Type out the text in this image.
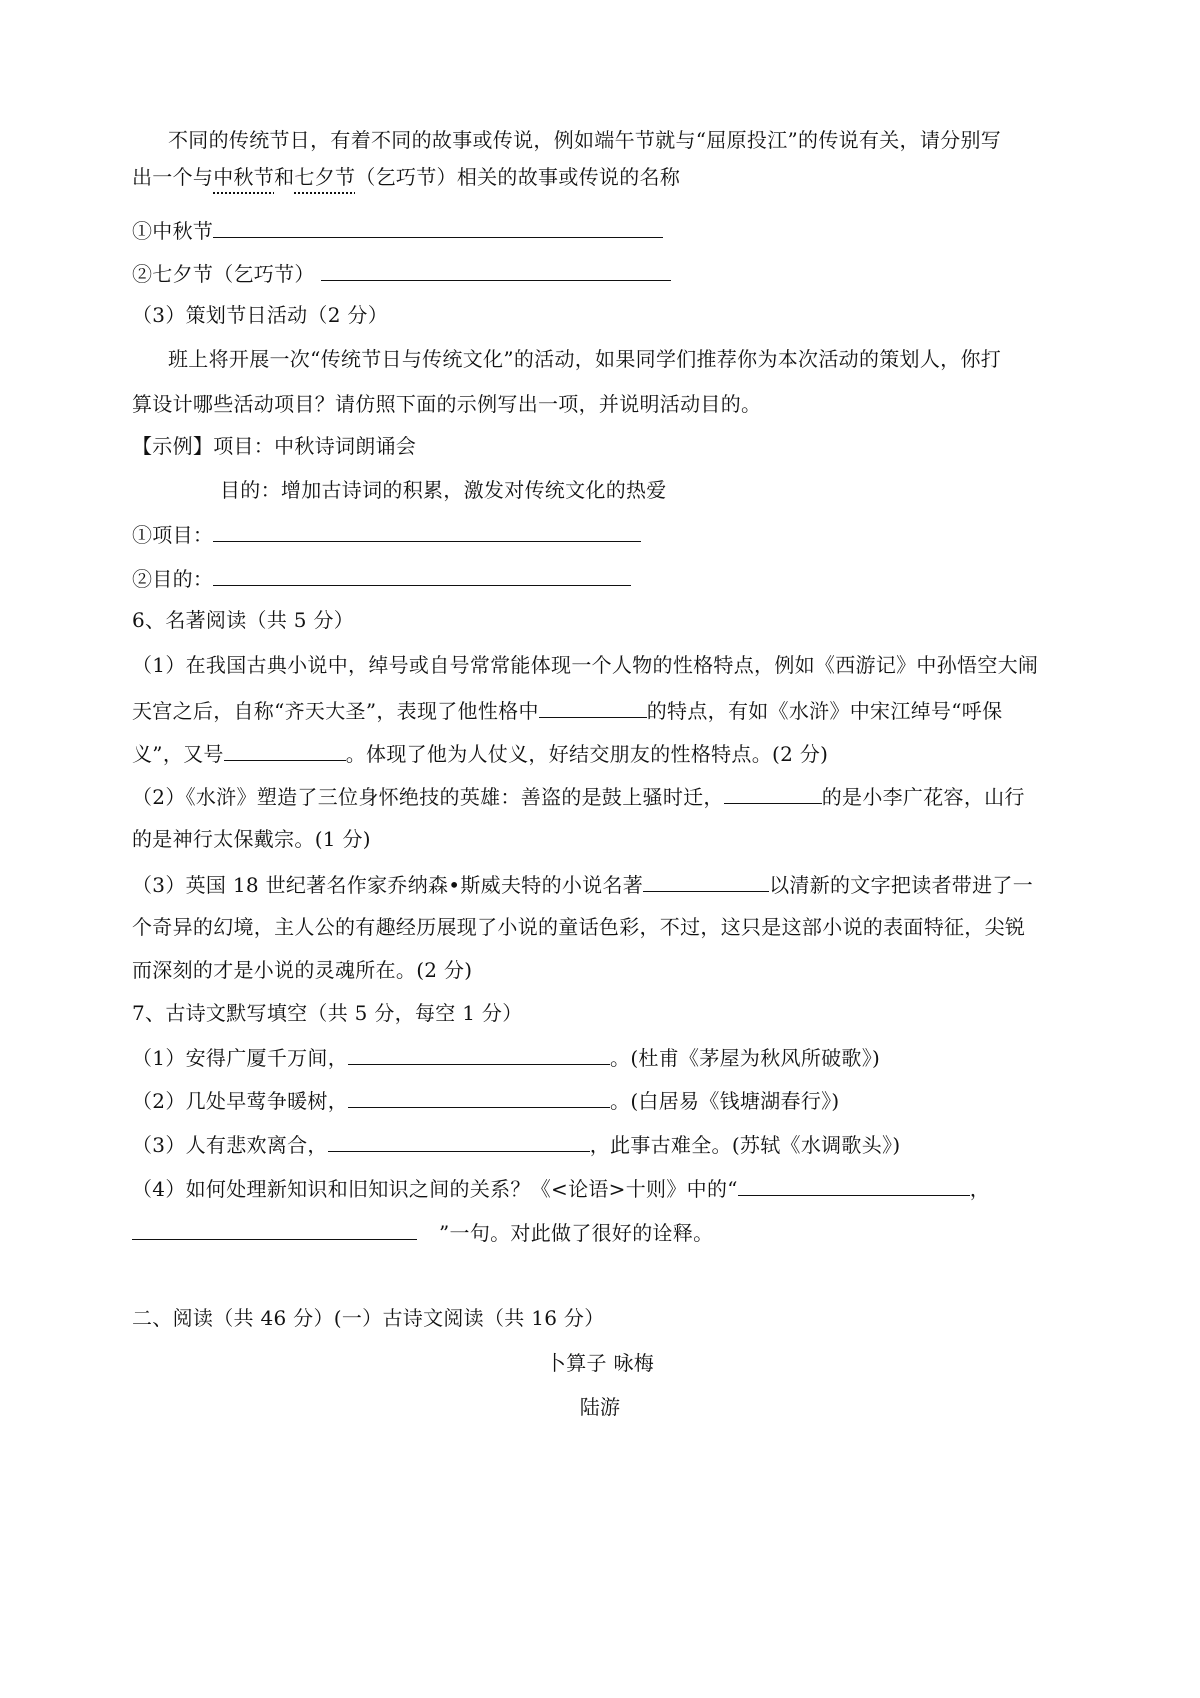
不同的传统节日，有着不同的故事或传说，例如端午节就与“屈原投江”的传说有关，请分别写
出一个与中秋节和七夕节（乞巧节）相关的故事或传说的名称
①中秋节
②七夕节（乞巧节）
（3）策划节日活动（2 分）
班上将开展一次“传统节日与传统文化”的活动，如果同学们推荐你为本次活动的策划人，你打
算设计哪些活动项目？请仿照下面的示例写出一项，并说明活动目的。
【示例】项目：中秋诗词朗诵会
目的：增加古诗词的积累，激发对传统文化的热爱
①项目：
②目的：
6、名著阅读（共 5 分）
（1）在我国古典小说中，绰号或自号常常能体现一个人物的性格特点，例如《西游记》中孙悟空大闹
天宫之后，自称“齐天大圣”，表现了他性格中	的特点，有如《水浒》中宋江绰号“呼保
义”，又号	。体现了他为人仗义，好结交朋友的性格特点。(2 分)
（2）《水浒》塑造了三位身怀绝技的英雄：善盗的是鼓上骚时迁，	的是小李广花容，山行
的是神行太保戴宗。(1 分)
（3）英国 18 世纪著名作家乔纳森•斯威夫特的小说名著	以清新的文字把读者带进了一
个奇异的幻境，主人公的有趣经历展现了小说的童话色彩，不过，这只是这部小说的表面特征，尖锐
而深刻的才是小说的灵魂所在。(2 分)
7、古诗文默写填空（共 5 分，每空 1 分）
（1）安得广厦千万间，	。(杜甫《茅屋为秋风所破歌》)
（2）几处早莺争暖树，	。(白居易《钱塘湖春行》)
（3）人有悲欢离合，	，此事古难全。(苏轼《水调歌头》)
（4）如何处理新知识和旧知识之间的关系？《<论语>十则》中的“	，
”一句。对此做了很好的诠释。
二、阅读（共 46 分）(一）古诗文阅读（共 16 分）
卜算子 咏梅
陆游
